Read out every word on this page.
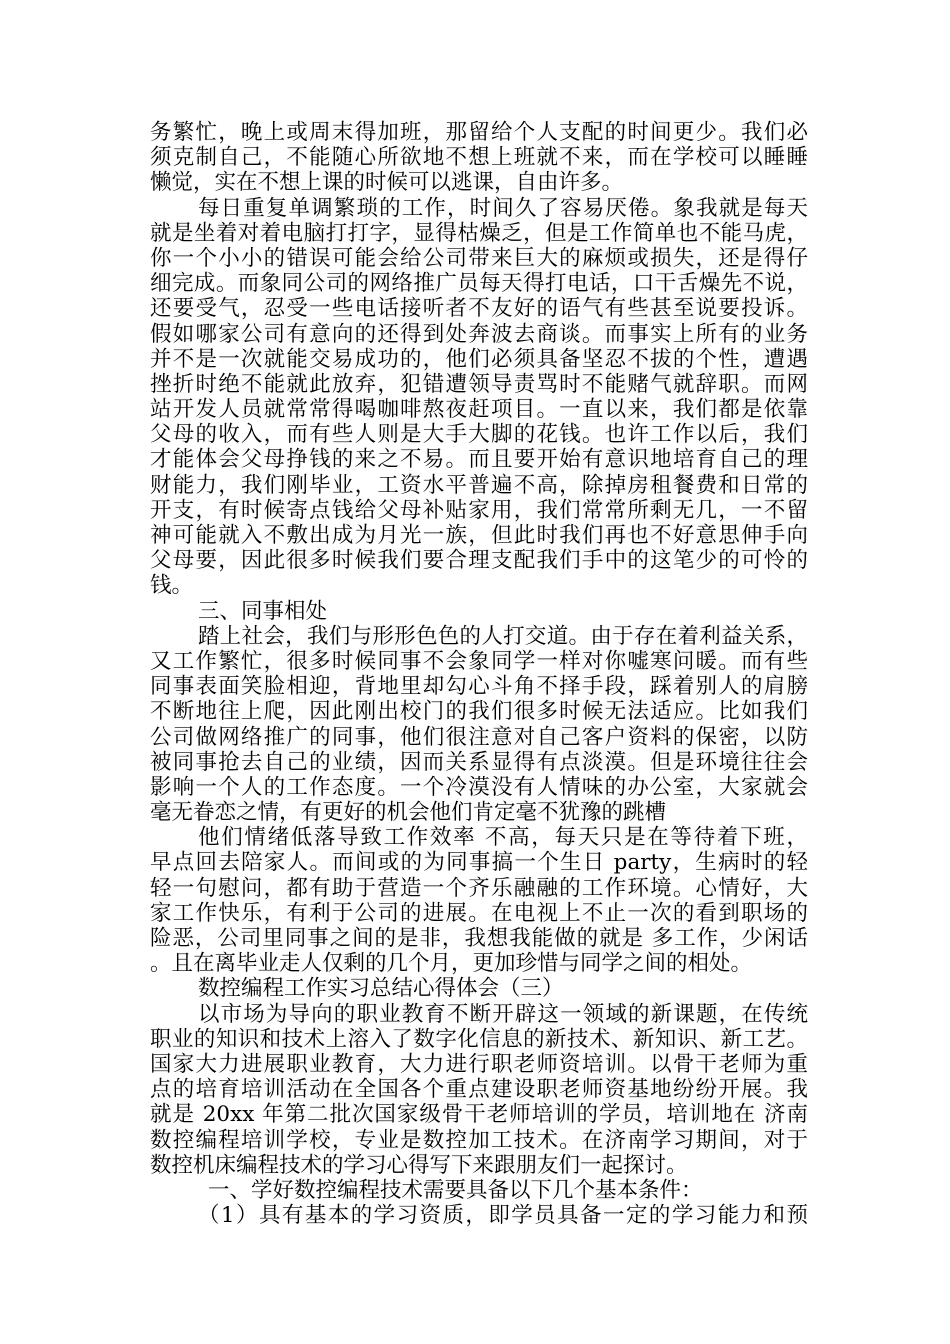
务繁忙，晚上或周末得加班，那留给个人支配的时间更少。我们必
须克制自己，不能随心所欲地不想上班就不来，而在学校可以睡睡
懒觉，实在不想上课的时候可以逃课，自由许多。
每日重复单调繁琐的工作，时间久了容易厌倦。象我就是每天
就是坐着对着电脑打打字，显得枯燥乏，但是工作简单也不能马虎，
你一个小小的错误可能会给公司带来巨大的麻烦或损失，还是得仔
细完成。而象同公司的网络推广员每天得打电话，口干舌燥先不说，
还要受气，忍受一些电话接听者不友好的语气有些甚至说要投诉。
假如哪家公司有意向的还得到处奔波去商谈。而事实上所有的业务
并不是一次就能交易成功的，他们必须具备坚忍不拔的个性，遭遇
挫折时绝不能就此放弃，犯错遭领导责骂时不能赌气就辞职。而网
站开发人员就常常得喝咖啡熬夜赶项目。一直以来，我们都是依靠
父母的收入，而有些人则是大手大脚的花钱。也许工作以后，我们
才能体会父母挣钱的来之不易。而且要开始有意识地培育自己的理
财能力，我们刚毕业，工资水平普遍不高，除掉房租餐费和日常的
开支，有时候寄点钱给父母补贴家用，我们常常所剩无几，一不留
神可能就入不敷出成为月光一族，但此时我们再也不好意思伸手向
父母要，因此很多时候我们要合理支配我们手中的这笔少的可怜的
钱。
三、同事相处
踏上社会，我们与形形色色的人打交道。由于存在着利益关系，
又工作繁忙，很多时候同事不会象同学一样对你嘘寒问暖。而有些
同事表面笑脸相迎，背地里却勾心斗角不择手段，踩着别人的肩膀
不断地往上爬，因此刚出校门的我们很多时候无法适应。比如我们
公司做网络推广的同事，他们很注意对自己客户资料的保密，以防
被同事抢去自己的业绩，因而关系显得有点淡漠。但是环境往往会
影响一个人的工作态度。一个冷漠没有人情味的办公室，大家就会
毫无眷恋之情，有更好的机会他们肯定毫不犹豫的跳槽
他们情绪低落导致工作效率 不高，每天只是在等待着下班，
早点回去陪家人。而间或的为同事搞一个生日 party，生病时的轻
轻一句慰问，都有助于营造一个齐乐融融的工作环境。心情好，大
家工作快乐，有利于公司的进展。在电视上不止一次的看到职场的
险恶，公司里同事之间的是非，我想我能做的就是 多工作，少闲话
。且在离毕业走人仅剩的几个月，更加珍惜与同学之间的相处。
数控编程工作实习总结心得体会（三）
以市场为导向的职业教育不断开辟这一领域的新课题，在传统
职业的知识和技术上溶入了数字化信息的新技术、新知识、新工艺。
国家大力进展职业教育，大力进行职老师资培训。以骨干老师为重
点的培育培训活动在全国各个重点建设职老师资基地纷纷开展。我
就是 20xx 年第二批次国家级骨干老师培训的学员，培训地在 济南
数控编程培训学校，专业是数控加工技术。在济南学习期间，对于
数控机床编程技术的学习心得写下来跟朋友们一起探讨。
一、学好数控编程技术需要具备以下几个基本条件：
（1）具有基本的学习资质，即学员具备一定的学习能力和预
